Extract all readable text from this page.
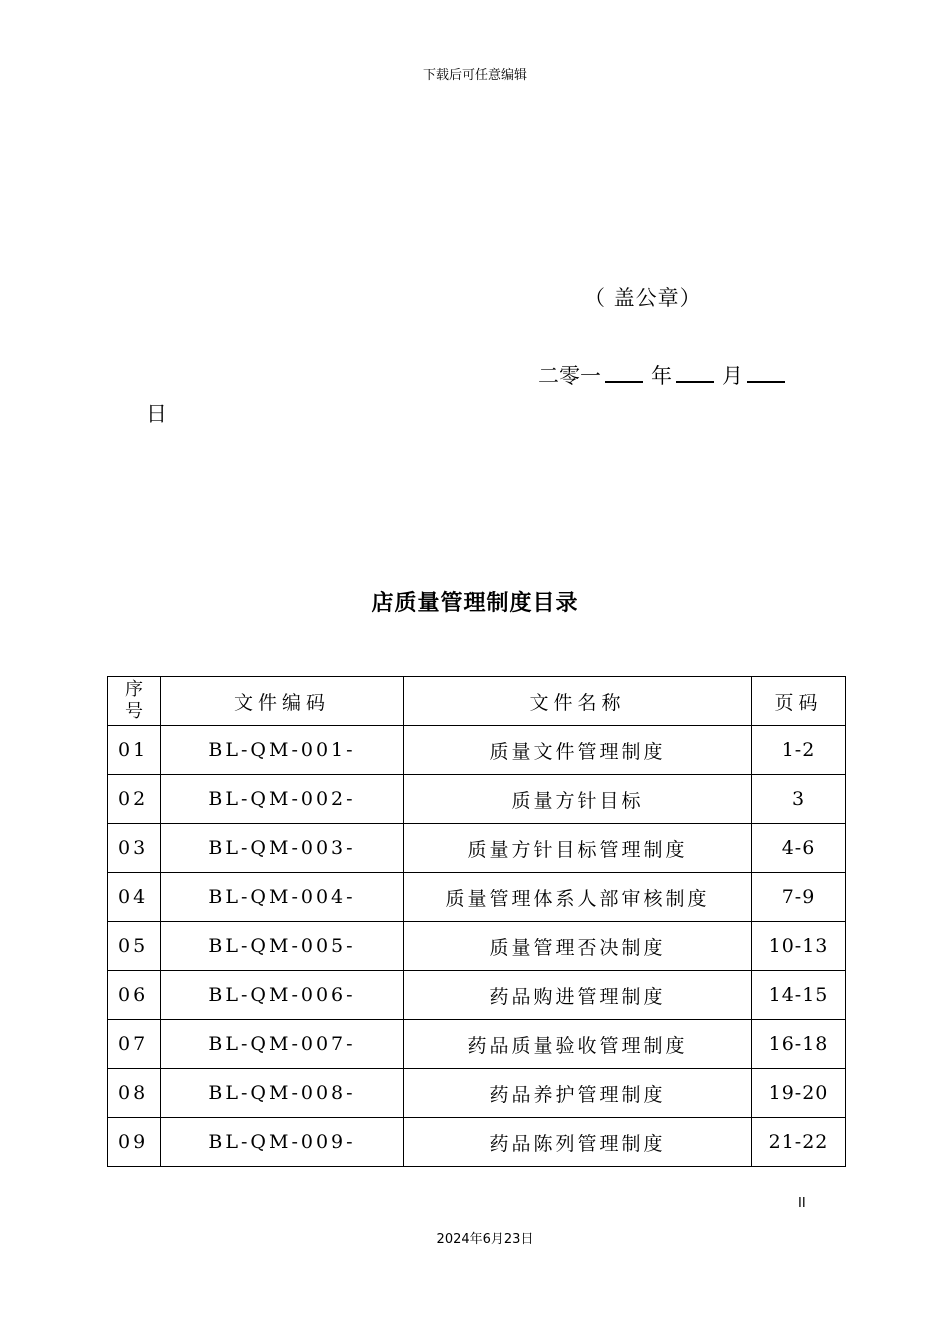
下载后可任意编辑
（ 盖公章）
二零一 年 月
日
店质量管理制度目录
序
号	文件编码	文件名称	页码
01	BL-QM-001-	质量文件管理制度	1-2
02	BL-QM-002-	质量方针目标	3
03	BL-QM-003-	质量方针目标管理制度	4-6
04	BL-QM-004-	质量管理体系人部审核制度	7-9
05	BL-QM-005-	质量管理否决制度	10-13
06	BL-QM-006-	药品购进管理制度	14-15
07	BL-QM-007-	药品质量验收管理制度	16-18
08	BL-QM-008-	药品养护管理制度	19-20
09	BL-QM-009-	药品陈列管理制度	21-22
II
2024年6月23日
